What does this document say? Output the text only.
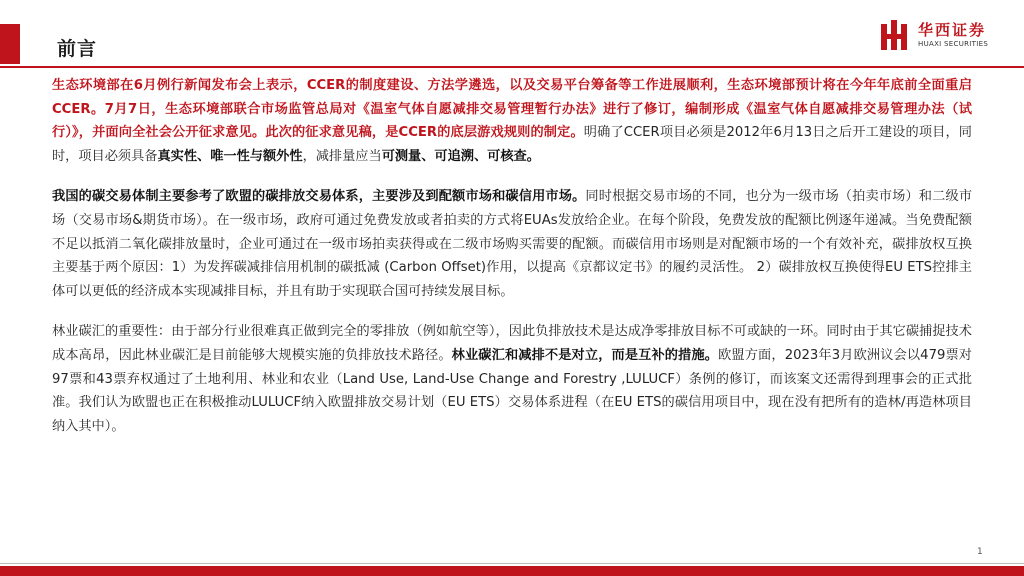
前言
华西证券
HUAXI SECURITIES

生态环境部在6月例行新闻发布会上表示，CCER的制度建设、方法学遴选，以及交易平台筹备等工作进展顺利，生态环境部预计将在今年年底前全面重启CCER。7月7日，生态环境部联合市场监管总局对《温室气体自愿减排交易管理暂行办法》进行了修订，编制形成《温室气体自愿减排交易管理办法（试行）》，并面向全社会公开征求意见。此次的征求意见稿，是CCER的底层游戏规则的制定。明确了CCER项目必须是2012年6月13日之后开工建设的项目，同时，项目必须具备真实性、唯一性与额外性，减排量应当可测量、可追溯、可核查。

我国的碳交易体制主要参考了欧盟的碳排放交易体系，主要涉及到配额市场和碳信用市场。同时根据交易市场的不同，也分为一级市场（拍卖市场）和二级市场（交易市场&期货市场）。在一级市场，政府可通过免费发放或者拍卖的方式将EUAs发放给企业。在每个阶段，免费发放的配额比例逐年递减。当免费配额不足以抵消二氧化碳排放量时，企业可通过在一级市场拍卖获得或在二级市场购买需要的配额。而碳信用市场则是对配额市场的一个有效补充，碳排放权互换主要基于两个原因：1）为发挥碳减排信用机制的碳抵减 (Carbon Offset)作用，以提高《京都议定书》的履约灵活性。 2）碳排放权互换使得EU ETS控排主体可以更低的经济成本实现减排目标，并且有助于实现联合国可持续发展目标。

林业碳汇的重要性：由于部分行业很难真正做到完全的零排放（例如航空等），因此负排放技术是达成净零排放目标不可或缺的一环。同时由于其它碳捕捉技术成本高昂，因此林业碳汇是目前能够大规模实施的负排放技术路径。林业碳汇和减排不是对立，而是互补的措施。欧盟方面，2023年3月欧洲议会以479票对97票和43票弃权通过了土地利用、林业和农业（Land Use, Land-Use Change and Forestry ,LULUCF）条例的修订，而该案文还需得到理事会的正式批准。我们认为欧盟也正在积极推动LULUCF纳入欧盟排放交易计划（EU ETS）交易体系进程（在EU ETS的碳信用项目中，现在没有把所有的造林/再造林项目纳入其中）。

1
